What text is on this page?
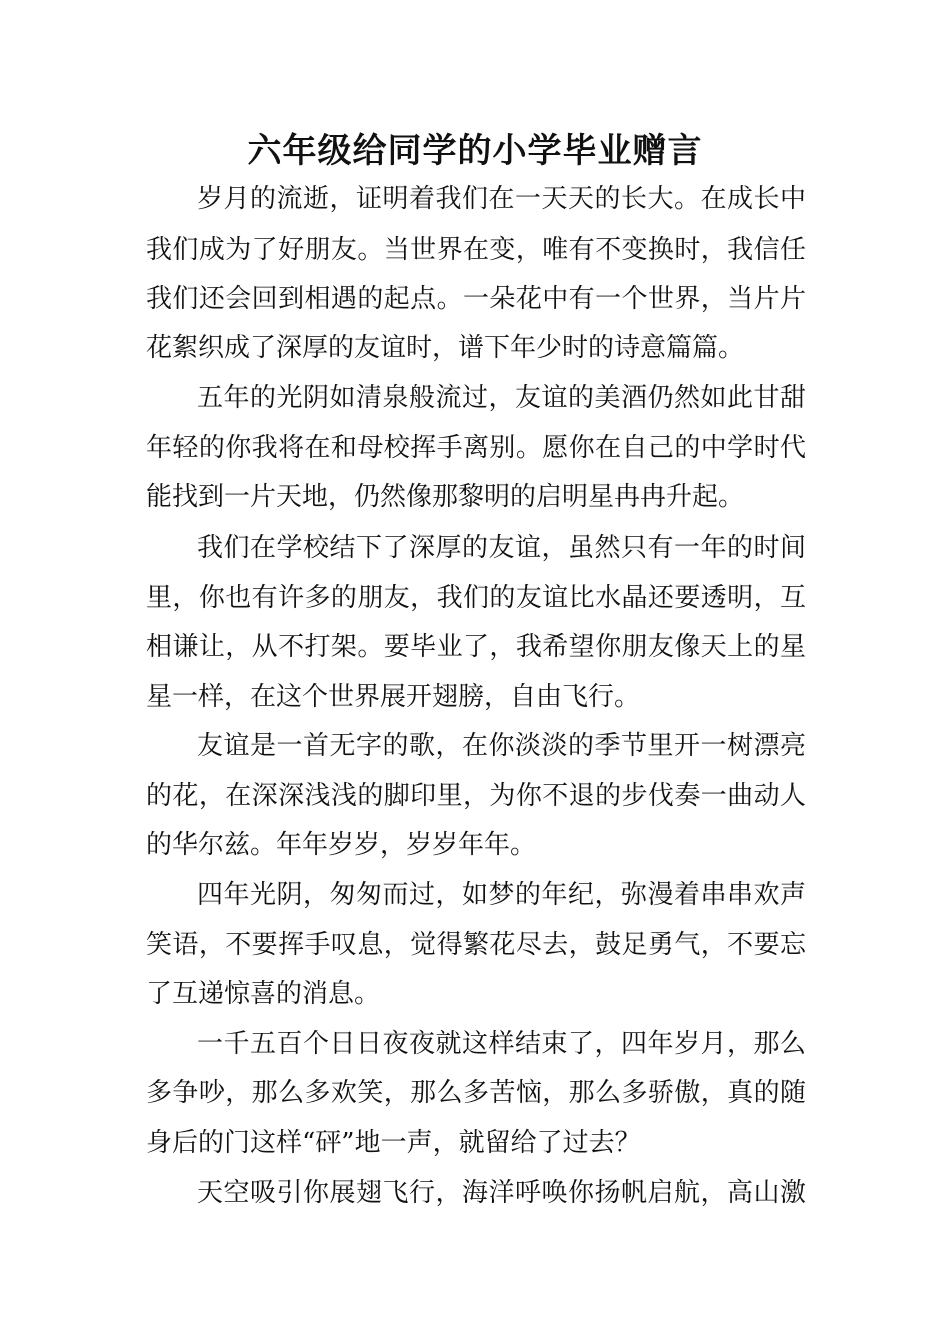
六年级给同学的小学毕业赠言
岁月的流逝，证明着我们在一天天的长大。在成长中
我们成为了好朋友。当世界在变，唯有不变换时，我信任
我们还会回到相遇的起点。一朵花中有一个世界，当片片
花絮织成了深厚的友谊时，谱下年少时的诗意篇篇。
五年的光阴如清泉般流过，友谊的美酒仍然如此甘甜
年轻的你我将在和母校挥手离别。愿你在自己的中学时代
能找到一片天地，仍然像那黎明的启明星冉冉升起。
我们在学校结下了深厚的友谊，虽然只有一年的时间
里，你也有许多的朋友，我们的友谊比水晶还要透明，互
相谦让，从不打架。要毕业了，我希望你朋友像天上的星
星一样，在这个世界展开翅膀，自由飞行。
友谊是一首无字的歌，在你淡淡的季节里开一树漂亮
的花，在深深浅浅的脚印里，为你不退的步伐奏一曲动人
的华尔兹。年年岁岁，岁岁年年。
四年光阴，匆匆而过，如梦的年纪，弥漫着串串欢声
笑语，不要挥手叹息，觉得繁花尽去，鼓足勇气，不要忘
了互递惊喜的消息。
一千五百个日日夜夜就这样结束了，四年岁月，那么
多争吵，那么多欢笑，那么多苦恼，那么多骄傲，真的随
身后的门这样“砰”地一声，就留给了过去？
天空吸引你展翅飞行，海洋呼唤你扬帆启航，高山激
